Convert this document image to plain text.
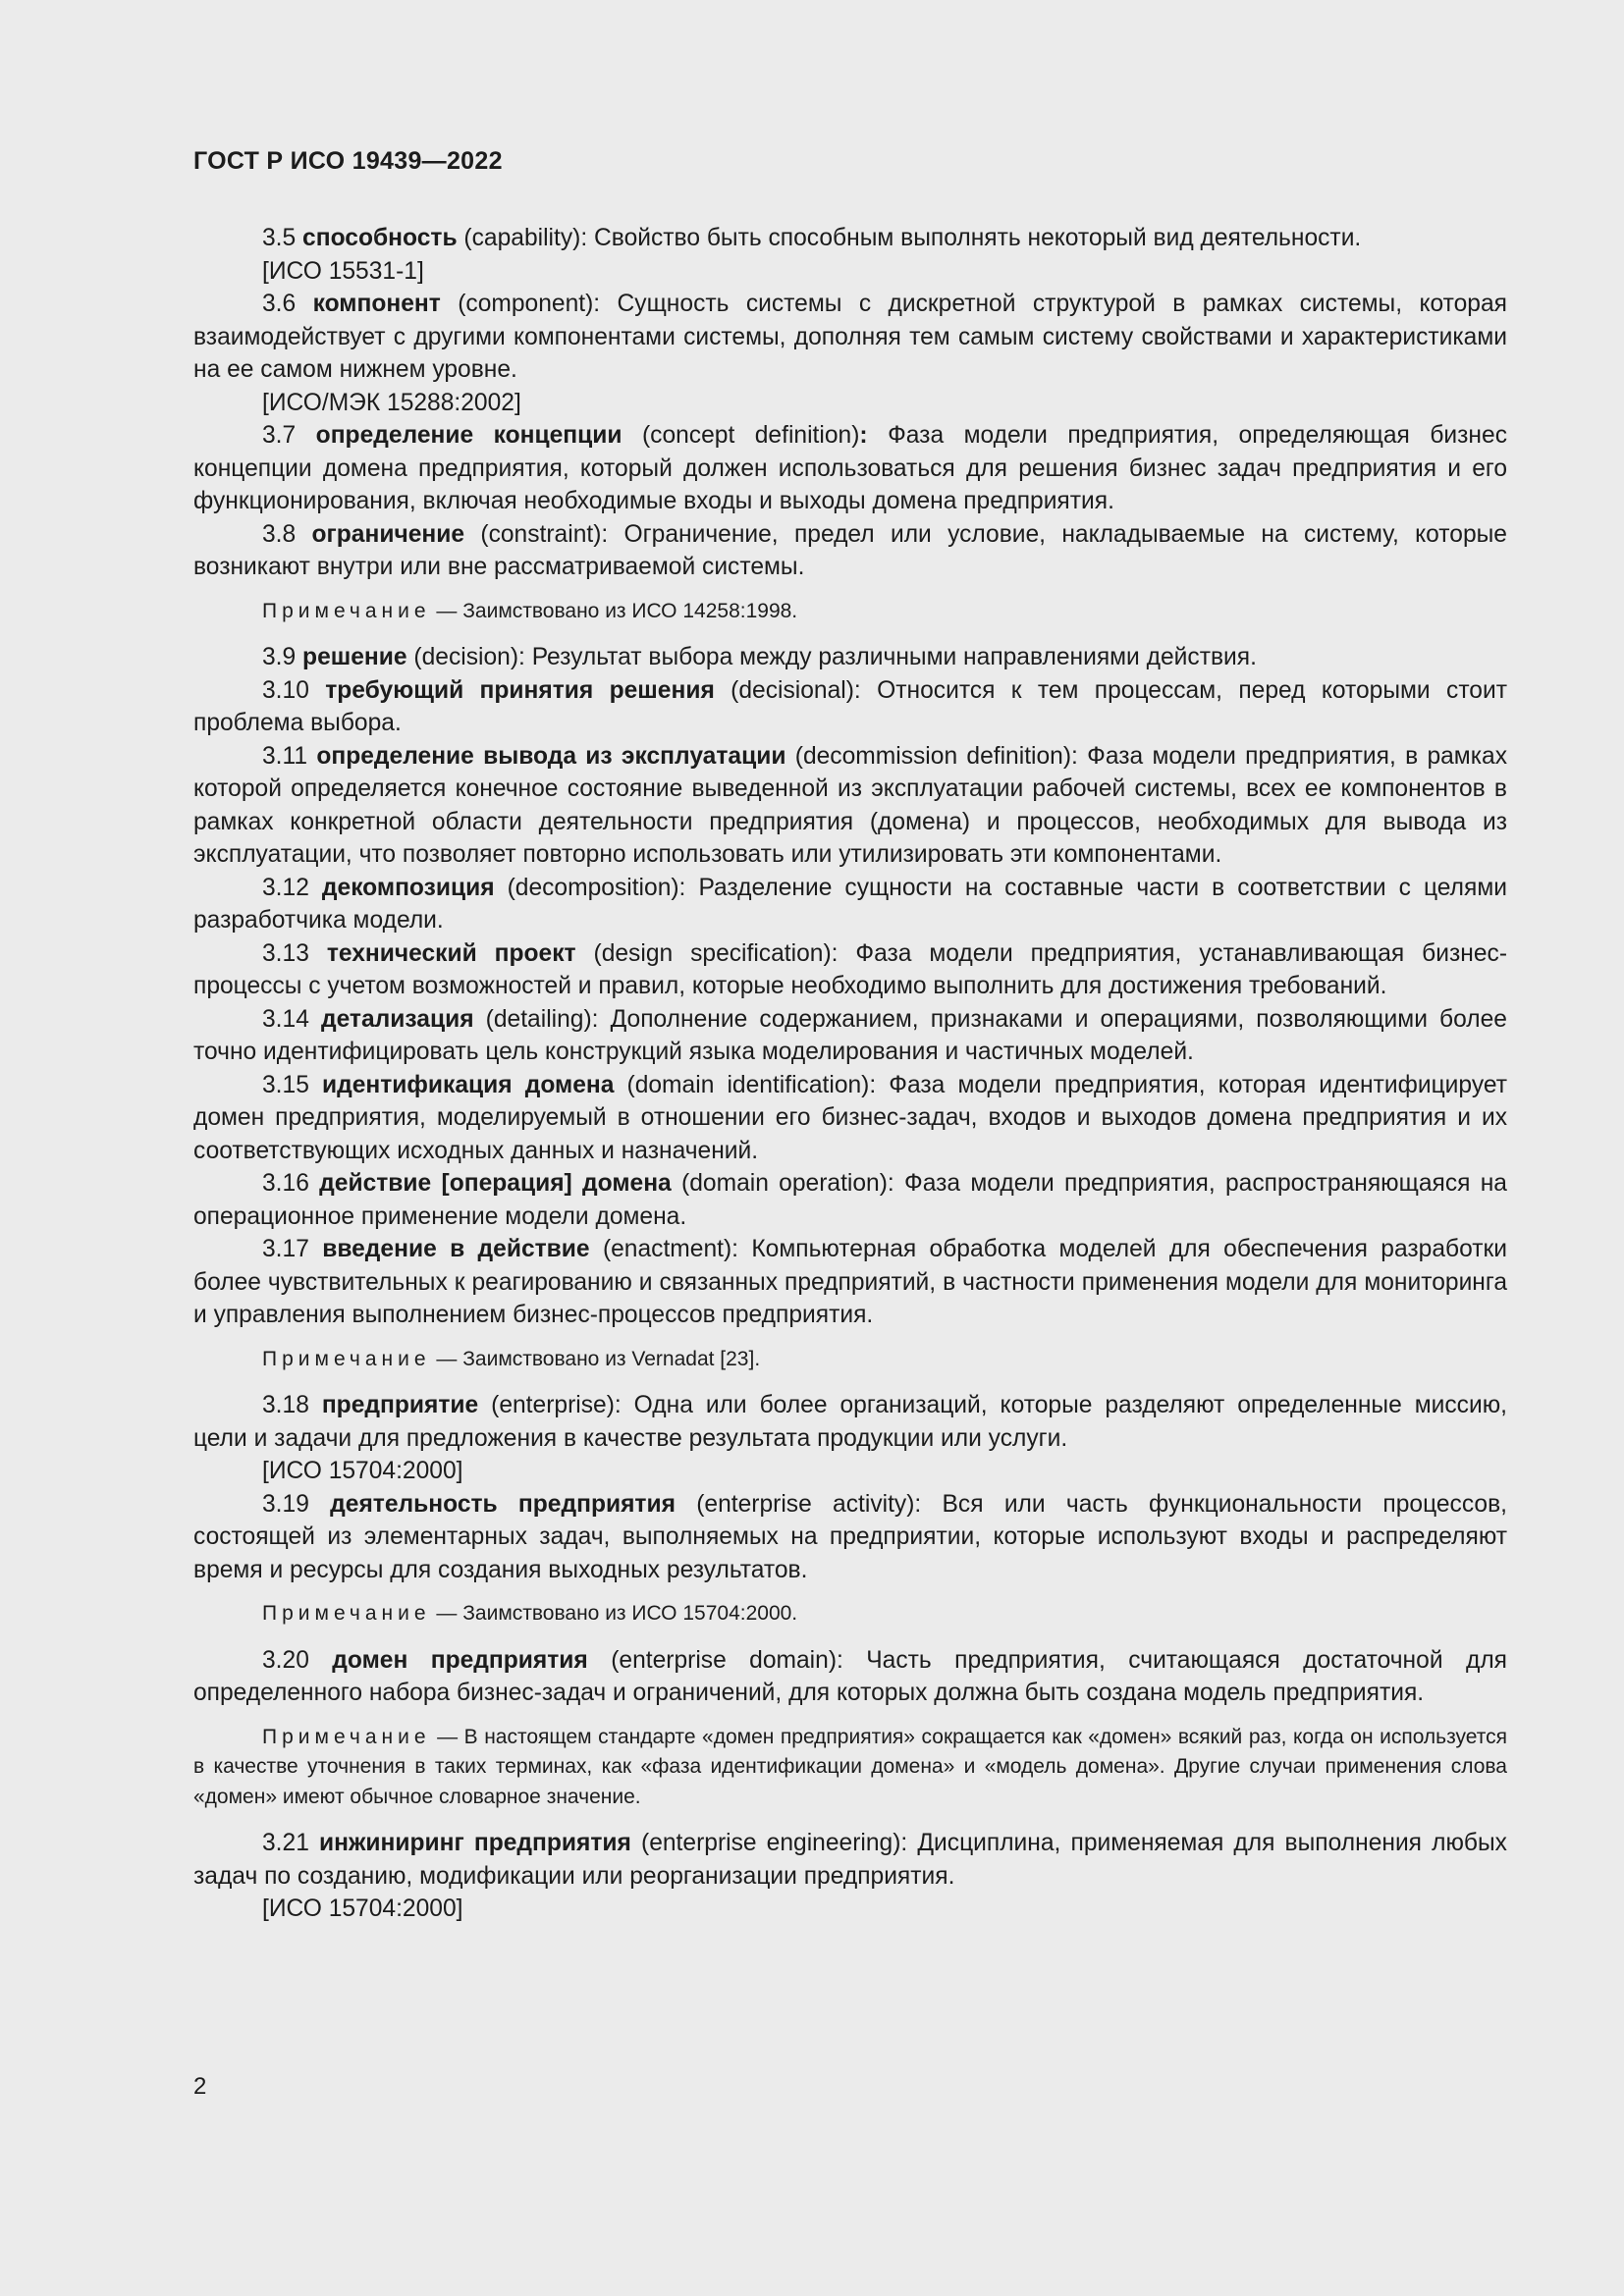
ГОСТ Р ИСО 19439—2022

3.5 способность (capability): Свойство быть способным выполнять некоторый вид деятельности.

[ИСО 15531-1]

3.6 компонент (component): Сущность системы с дискретной структурой в рамках системы, которая взаимодействует с другими компонентами системы, дополняя тем самым систему свойствами и характеристиками на ее самом нижнем уровне.

[ИСО/МЭК 15288:2002]

3.7 определение концепции (concept definition): Фаза модели предприятия, определяющая бизнес концепции домена предприятия, который должен использоваться для решения бизнес задач предприятия и его функционирования, включая необходимые входы и выходы домена предприятия.

3.8 ограничение (constraint): Ограничение, предел или условие, накладываемые на систему, которые возникают внутри или вне рассматриваемой системы.

Примечание — Заимствовано из ИСО 14258:1998.

3.9 решение (decision): Результат выбора между различными направлениями действия.

3.10 требующий принятия решения (decisional): Относится к тем процессам, перед которыми стоит проблема выбора.

3.11 определение вывода из эксплуатации (decommission definition): Фаза модели предприятия, в рамках которой определяется конечное состояние выведенной из эксплуатации рабочей системы, всех ее компонентов в рамках конкретной области деятельности предприятия (домена) и процессов, необходимых для вывода из эксплуатации, что позволяет повторно использовать или утилизировать эти компонентами.

3.12 декомпозиция (decomposition): Разделение сущности на составные части в соответствии с целями разработчика модели.

3.13 технический проект (design specification): Фаза модели предприятия, устанавливающая бизнес-процессы с учетом возможностей и правил, которые необходимо выполнить для достижения требований.

3.14 детализация (detailing): Дополнение содержанием, признаками и операциями, позволяющими более точно идентифицировать цель конструкций языка моделирования и частичных моделей.

3.15 идентификация домена (domain identification): Фаза модели предприятия, которая идентифицирует домен предприятия, моделируемый в отношении его бизнес-задач, входов и выходов домена предприятия и их соответствующих исходных данных и назначений.

3.16 действие [операция] домена (domain operation): Фаза модели предприятия, распространяющаяся на операционное применение модели домена.

3.17 введение в действие (enactment): Компьютерная обработка моделей для обеспечения разработки более чувствительных к реагированию и связанных предприятий, в частности применения модели для мониторинга и управления выполнением бизнес-процессов предприятия.

Примечание — Заимствовано из Vernadat [23].

3.18 предприятие (enterprise): Одна или более организаций, которые разделяют определенные миссию, цели и задачи для предложения в качестве результата продукции или услуги.

[ИСО 15704:2000]

3.19 деятельность предприятия (enterprise activity): Вся или часть функциональности процессов, состоящей из элементарных задач, выполняемых на предприятии, которые используют входы и распределяют время и ресурсы для создания выходных результатов.

Примечание — Заимствовано из ИСО 15704:2000.

3.20 домен предприятия (enterprise domain): Часть предприятия, считающаяся достаточной для определенного набора бизнес-задач и ограничений, для которых должна быть создана модель предприятия.

Примечание — В настоящем стандарте «домен предприятия» сокращается как «домен» всякий раз, когда он используется в качестве уточнения в таких терминах, как «фаза идентификации домена» и «модель домена». Другие случаи применения слова «домен» имеют обычное словарное значение.

3.21 инжиниринг предприятия (enterprise engineering): Дисциплина, применяемая для выполнения любых задач по созданию, модификации или реорганизации предприятия.

[ИСО 15704:2000]

2
